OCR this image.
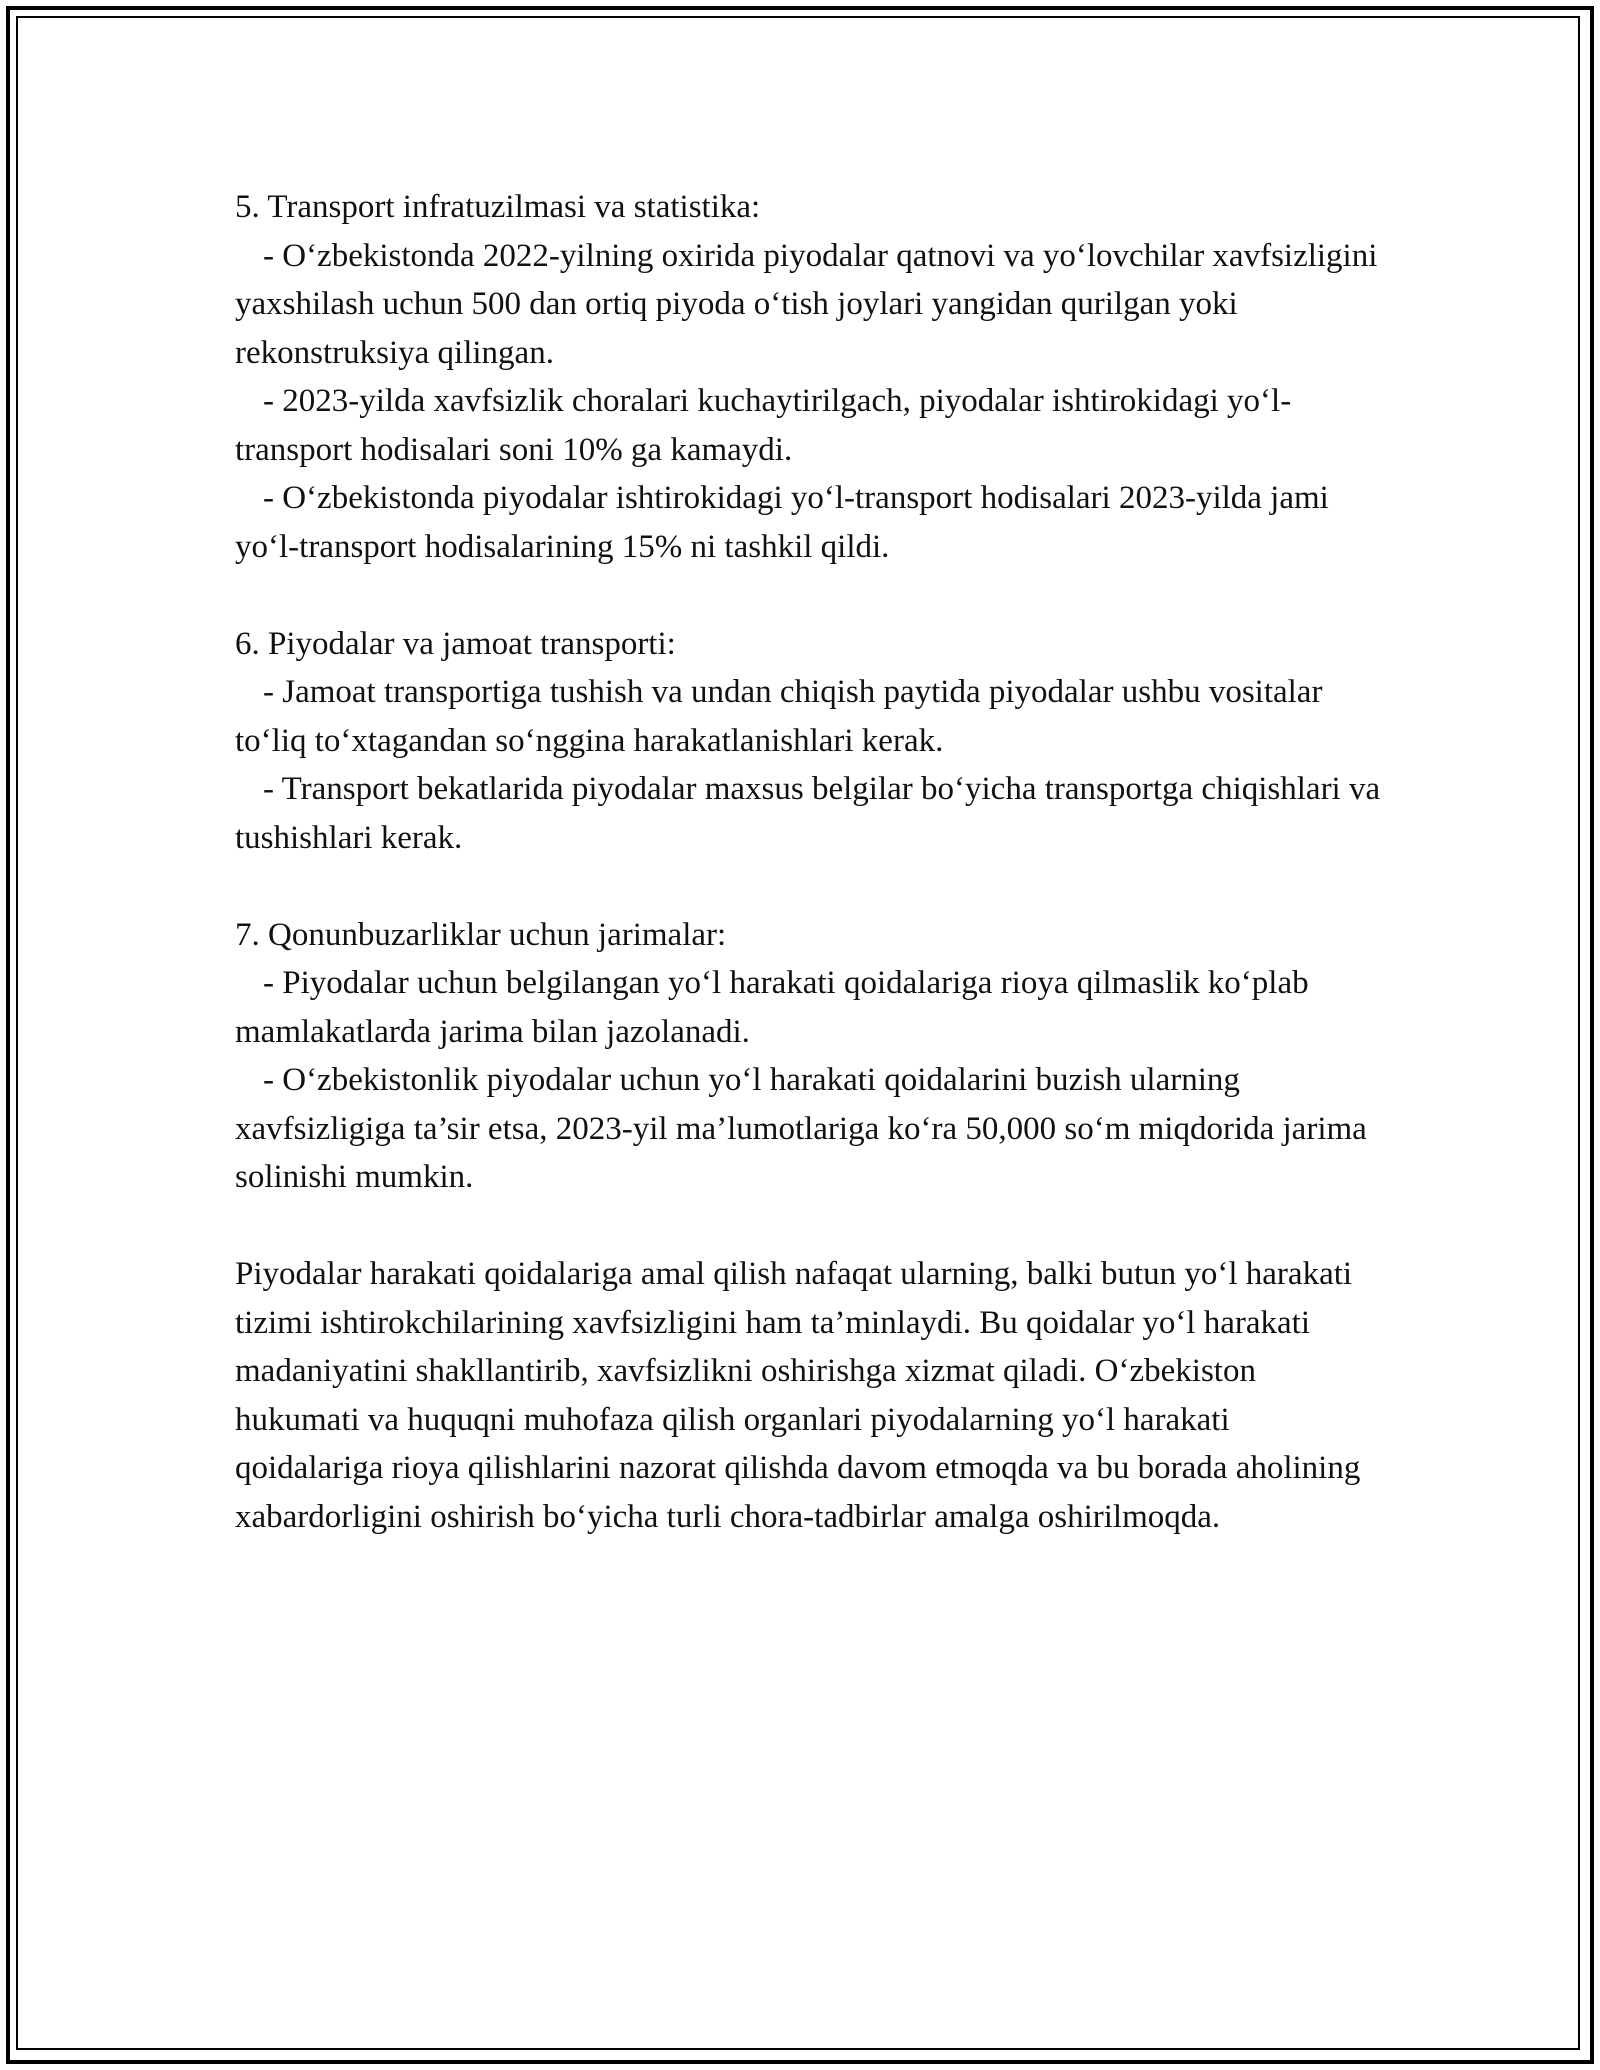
5. Transport infratuzilmasi va statistika:

- O‘zbekistonda 2022-yilning oxirida piyodalar qatnovi va yo‘lovchilar xavfsizligini yaxshilash uchun 500 dan ortiq piyoda o‘tish joylari yangidan qurilgan yoki rekonstruksiya qilingan.

- 2023-yilda xavfsizlik choralari kuchaytirilgach, piyodalar ishtirokidagi yo‘l-transport hodisalari soni 10% ga kamaydi.

- O‘zbekistonda piyodalar ishtirokidagi yo‘l-transport hodisalari 2023-yilda jami yo‘l-transport hodisalarining 15% ni tashkil qildi.

6. Piyodalar va jamoat transporti:

- Jamoat transportiga tushish va undan chiqish paytida piyodalar ushbu vositalar to‘liq to‘xtagandan so‘nggina harakatlanishlari kerak.

- Transport bekatlarida piyodalar maxsus belgilar bo‘yicha transportga chiqishlari va tushishlari kerak.

7. Qonunbuzarliklar uchun jarimalar:

- Piyodalar uchun belgilangan yo‘l harakati qoidalariga rioya qilmaslik ko‘plab mamlakatlarda jarima bilan jazolanadi.

- O‘zbekistonlik piyodalar uchun yo‘l harakati qoidalarini buzish ularning xavfsizligiga ta’sir etsa, 2023-yil ma’lumotlariga ko‘ra 50,000 so‘m miqdorida jarima solinishi mumkin.

Piyodalar harakati qoidalariga amal qilish nafaqat ularning, balki butun yo‘l harakati tizimi ishtirokchilarining xavfsizligini ham ta’minlaydi. Bu qoidalar yo‘l harakati madaniyatini shakllantirib, xavfsizlikni oshirishga xizmat qiladi. O‘zbekiston hukumati va huquqni muhofaza qilish organlari piyodalarning yo‘l harakati qoidalariga rioya qilishlarini nazorat qilishda davom etmoqda va bu borada aholining xabardorligini oshirish bo‘yicha turli chora-tadbirlar amalga oshirilmoqda.
